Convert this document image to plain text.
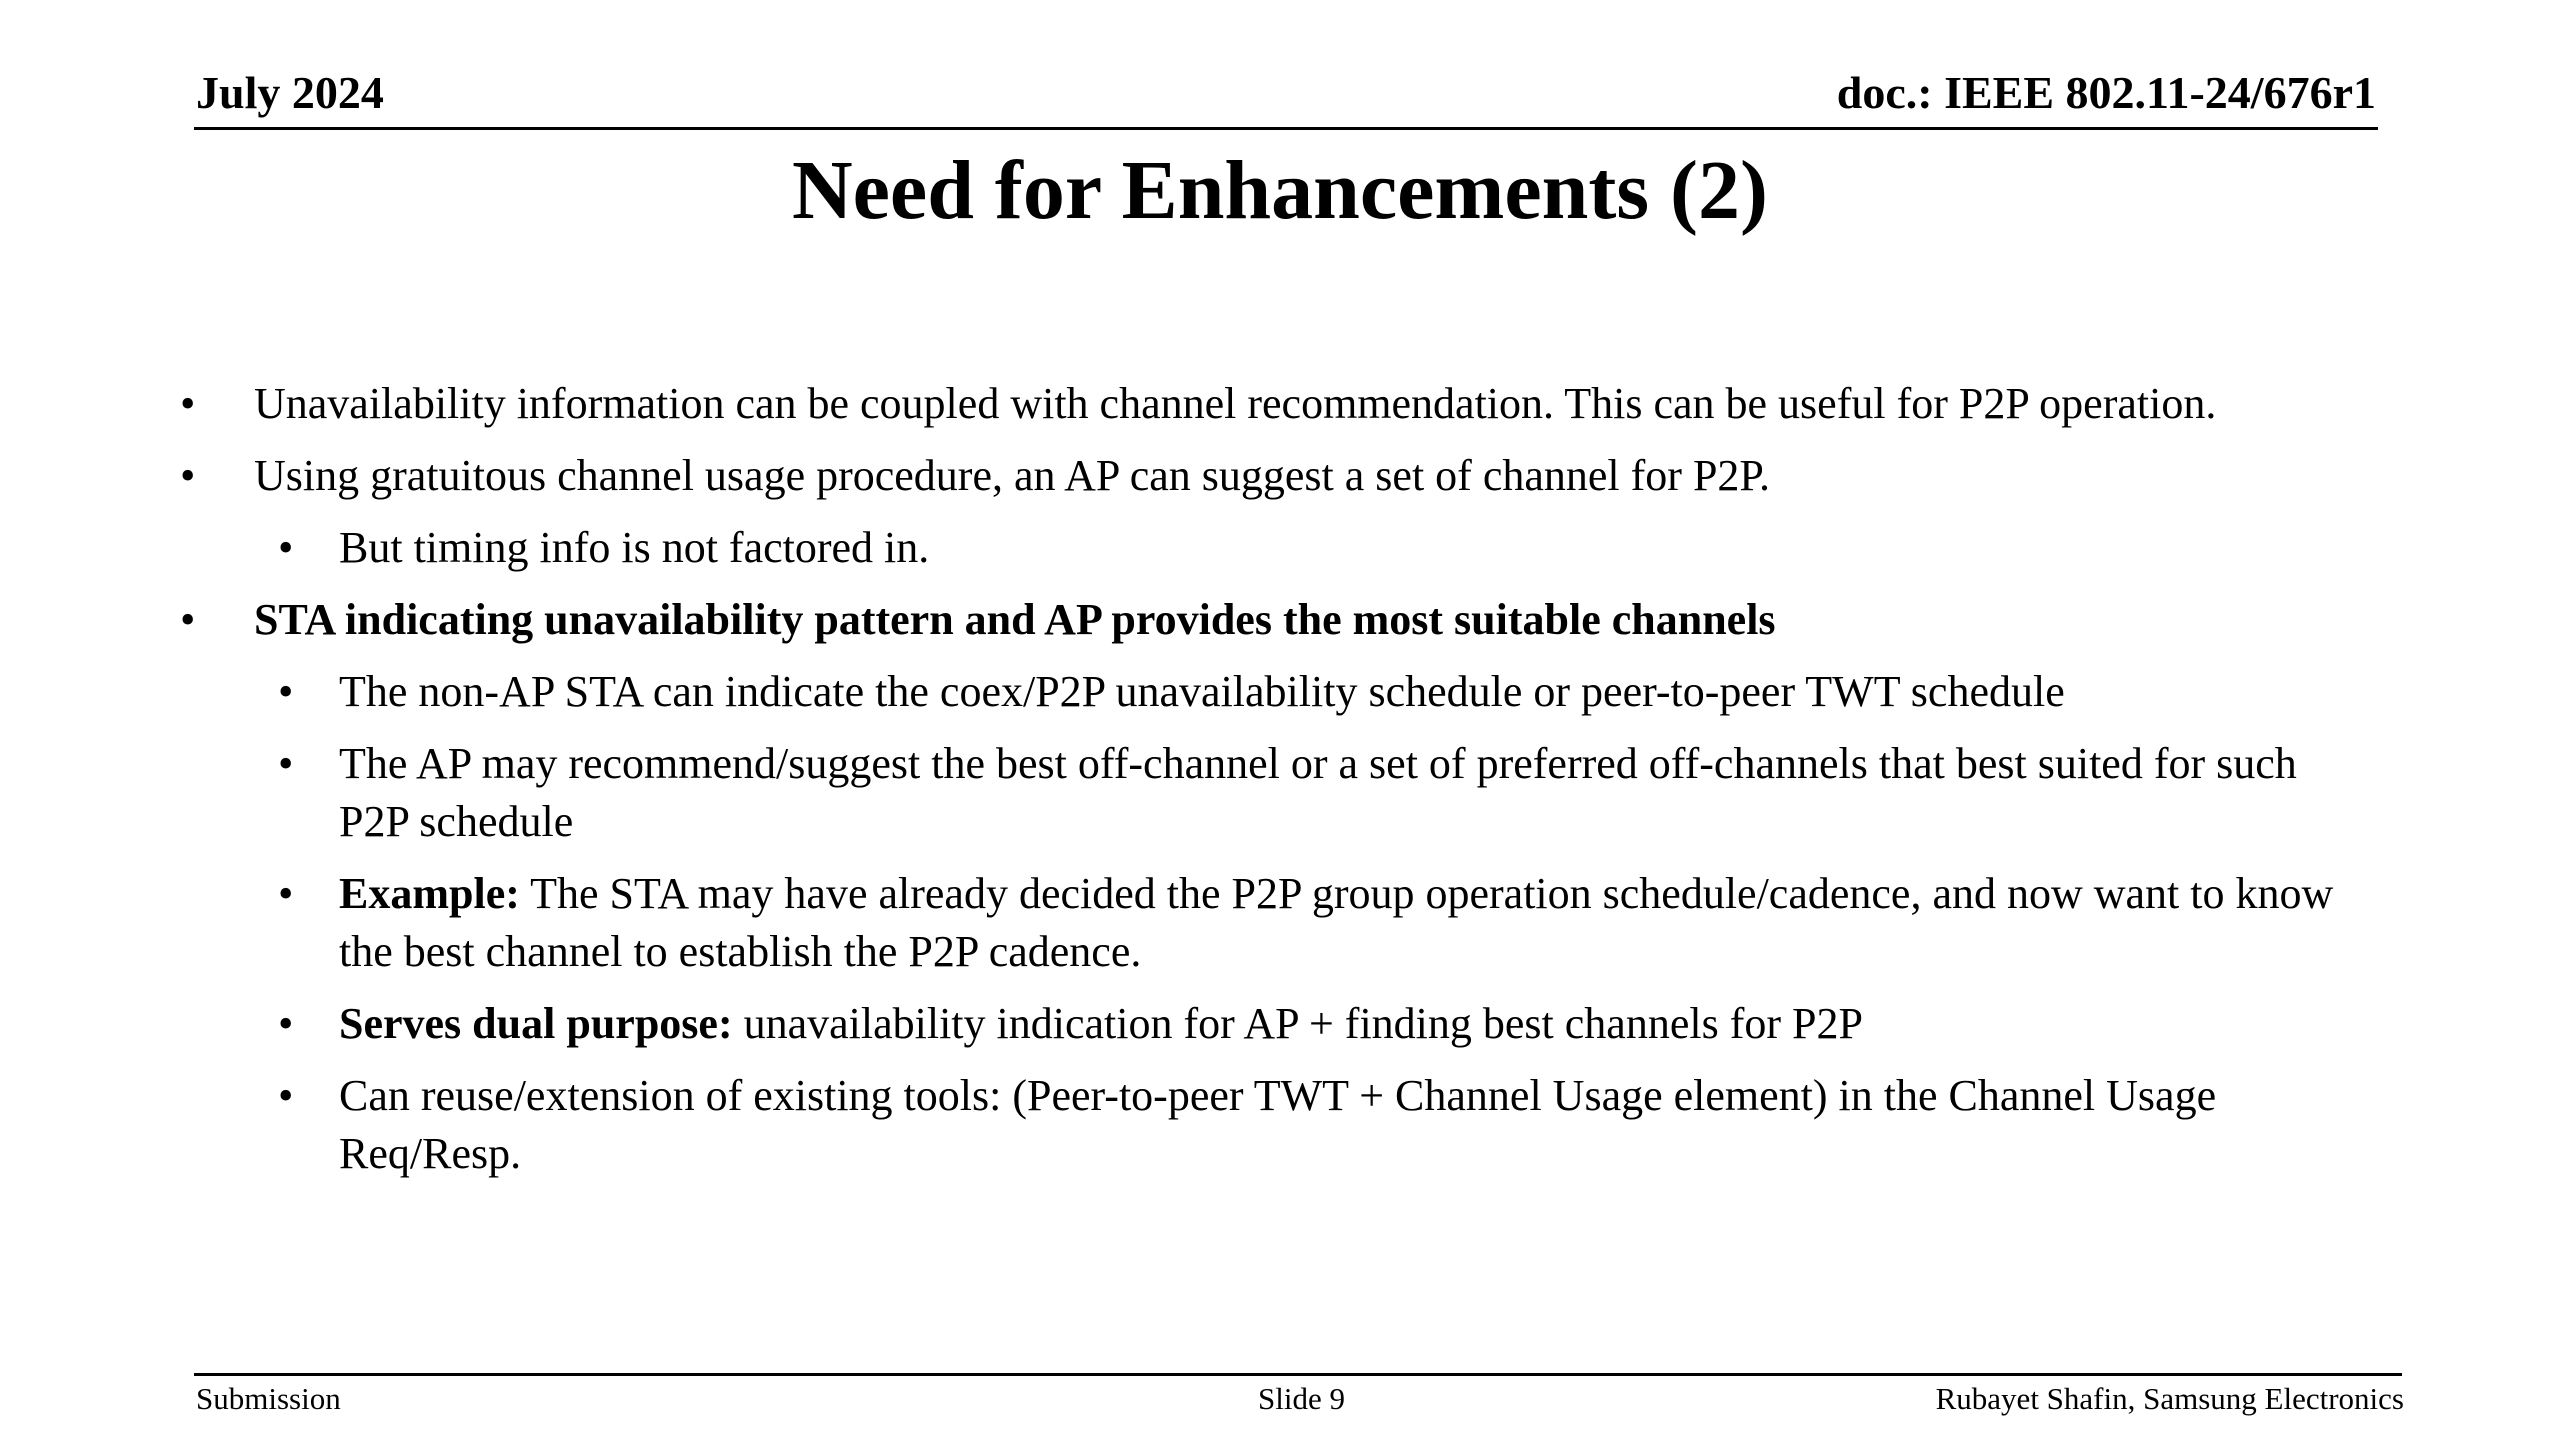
July 2024	doc.: IEEE 802.11-24/676r1
Need for Enhancements (2)
• Unavailability information can be coupled with channel recommendation. This can be useful for P2P operation.
• Using gratuitous channel usage procedure, an AP can suggest a set of channel for P2P.
• But timing info is not factored in.
• STA indicating unavailability pattern and AP provides the most suitable channels
• The non-AP STA can indicate the coex/P2P unavailability schedule or peer-to-peer TWT schedule
• The AP may recommend/suggest the best off-channel or a set of preferred off-channels that best suited for such P2P schedule
• Example: The STA may have already decided the P2P group operation schedule/cadence, and now want to know the best channel to establish the P2P cadence.
• Serves dual purpose: unavailability indication for AP + finding best channels for P2P
• Can reuse/extension of existing tools: (Peer-to-peer TWT + Channel Usage element) in the Channel Usage Req/Resp.
Submission	Slide 9	Rubayet Shafin, Samsung Electronics
